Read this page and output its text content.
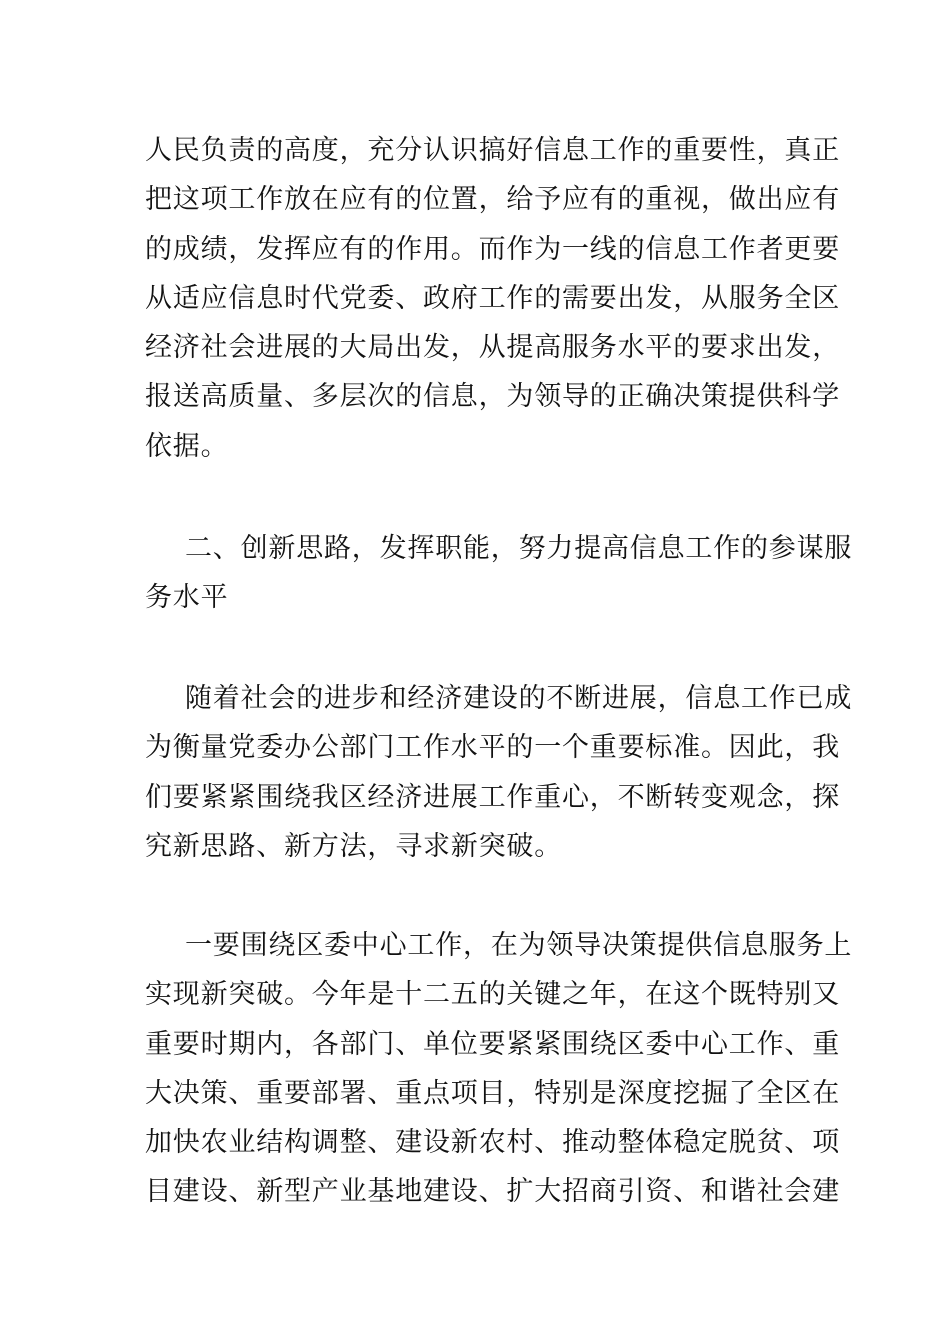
人民负责的高度，充分认识搞好信息工作的重要性，真正
把这项工作放在应有的位置，给予应有的重视，做出应有
的成绩，发挥应有的作用。而作为一线的信息工作者更要
从适应信息时代党委、政府工作的需要出发，从服务全区
经济社会进展的大局出发，从提高服务水平的要求出发，
报送高质量、多层次的信息，为领导的正确决策提供科学
依据。
二、创新思路，发挥职能，努力提高信息工作的参谋服
务水平
随着社会的进步和经济建设的不断进展，信息工作已成
为衡量党委办公部门工作水平的一个重要标准。因此，我
们要紧紧围绕我区经济进展工作重心，不断转变观念，探
究新思路、新方法，寻求新突破。
一要围绕区委中心工作，在为领导决策提供信息服务上
实现新突破。今年是十二五的关键之年，在这个既特别又
重要时期内，各部门、单位要紧紧围绕区委中心工作、重
大决策、重要部署、重点项目，特别是深度挖掘了全区在
加快农业结构调整、建设新农村、推动整体稳定脱贫、项
目建设、新型产业基地建设、扩大招商引资、和谐社会建
